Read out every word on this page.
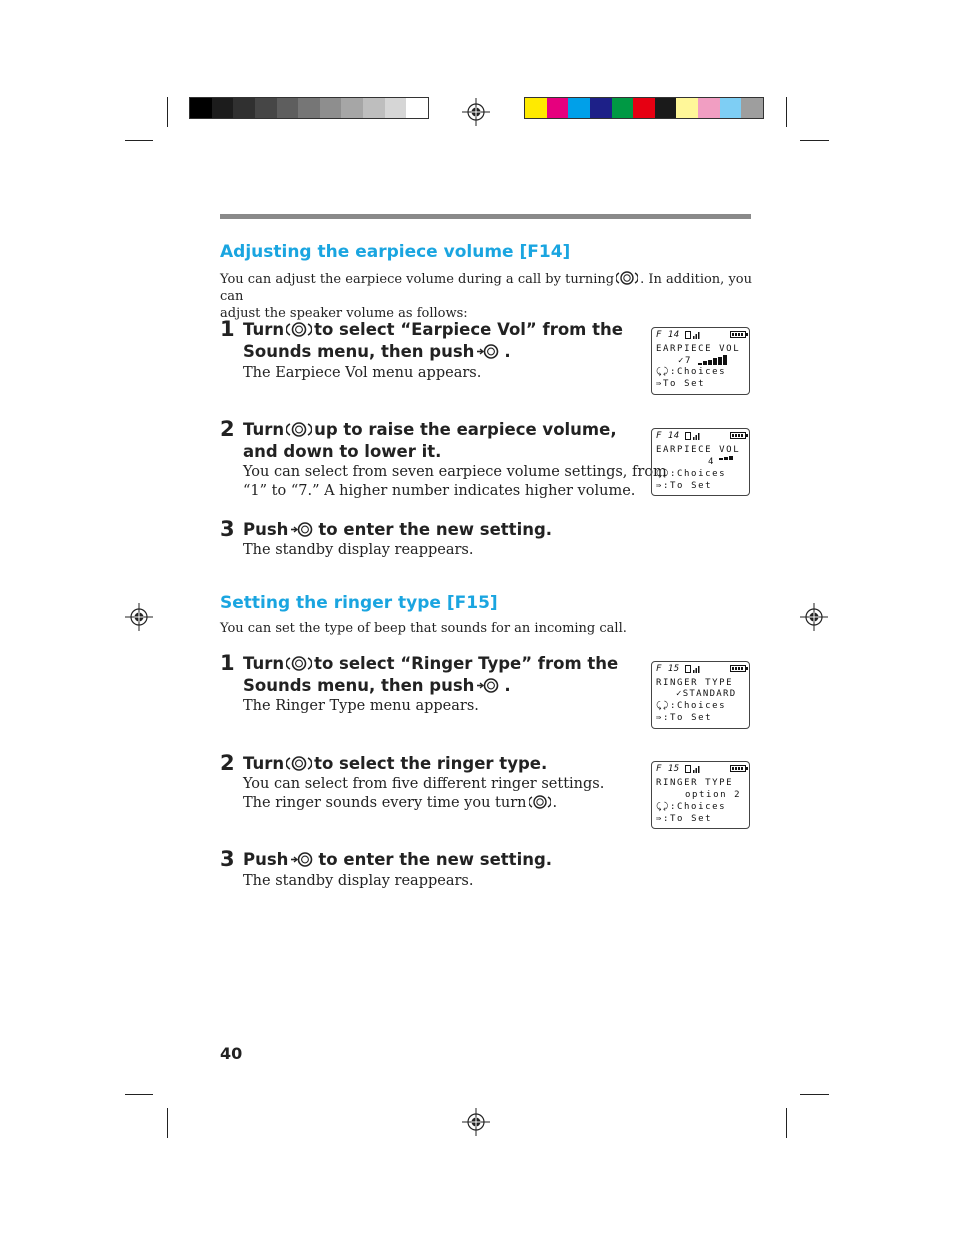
Adjusting the earpiece volume [F14]
You can adjust the earpiece volume during a call by turning . In addition, you can
adjust the speaker volume as follows:
1 Turn to select “Earpiece Vol” from the
Sounds menu, then push .
The Earpiece Vol menu appears.
F 14
EARPIECE VOL
✓7
⤹⤸:Choices
⇛To Set
2 Turn up to raise the earpiece volume,
and down to lower it.
You can select from seven earpiece volume settings, from
“1” to “7.” A higher number indicates higher volume.
F 14
EARPIECE VOL
4
⤹⤸:Choices
⇛:To Set
3 Push to enter the new setting.
The standby display reappears.
Setting the ringer type [F15]
You can set the type of beep that sounds for an incoming call.
1 Turn to select “Ringer Type” from the
Sounds menu, then push .
The Ringer Type menu appears.
F 15
RINGER TYPE
✓STANDARD
⤹⤸:Choices
⇛:To Set
2 Turn to select the ringer type.
You can select from five different ringer settings.
The ringer sounds every time you turn .
F 15
RINGER TYPE
option 2
⤹⤸:Choices
⇛:To Set
3 Push to enter the new setting.
The standby display reappears.
40
